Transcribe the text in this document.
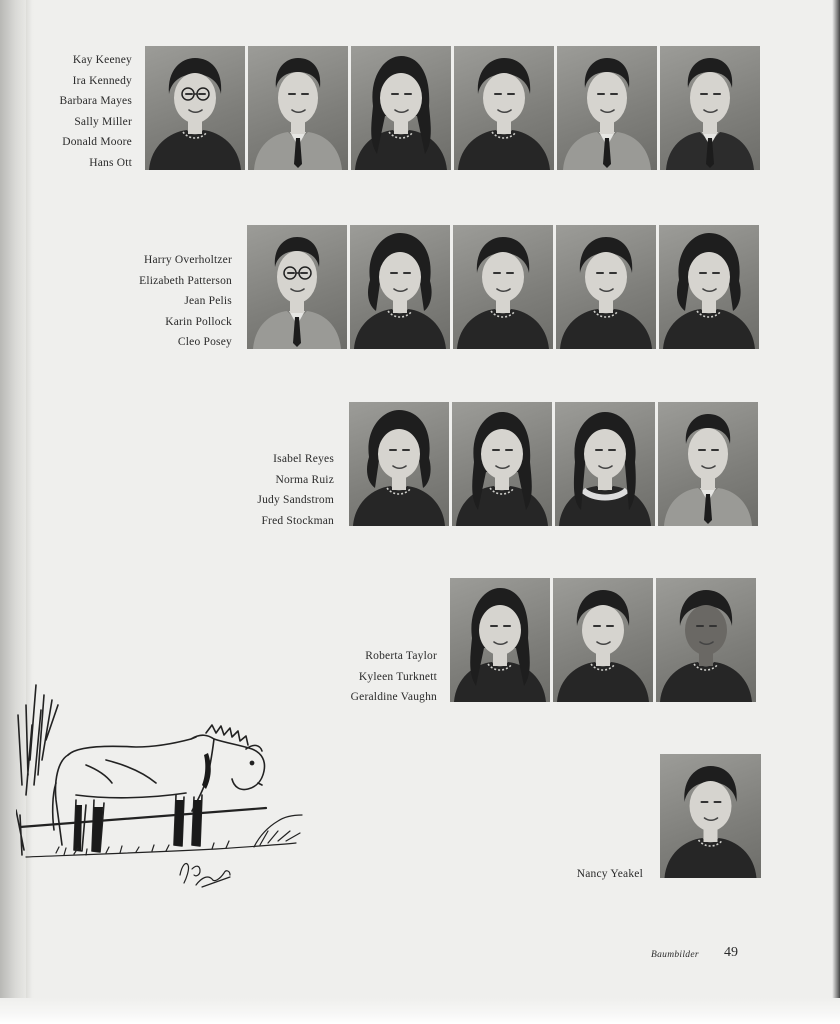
Kay Keeney
Ira Kennedy
Barbara Mayes
Sally Miller
Donald Moore
Hans Ott
Harry Overholtzer
Elizabeth Patterson
Jean Pelis
Karin Pollock
Cleo Posey
Isabel Reyes
Norma Ruiz
Judy Sandstrom
Fred Stockman
Roberta Taylor
Kyleen Turknett
Geraldine Vaughn
Nancy Yeakel
Baumbilder 49
